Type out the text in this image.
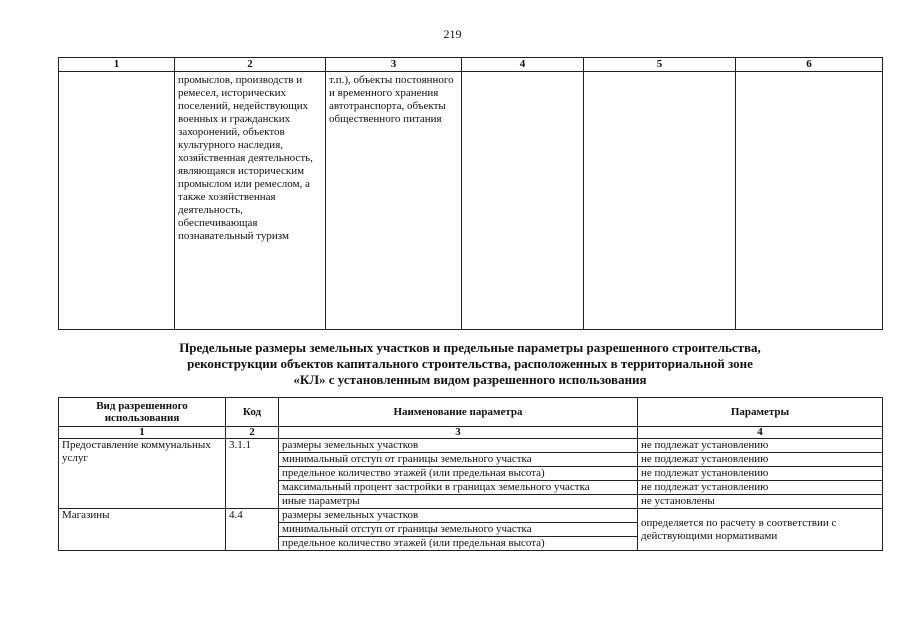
219
1	2	3	4	5	6
	промыслов, производств и ремесел, исторических поселений, недействующих военных и гражданских захоронений, объектов культурного наследия, хозяйственная деятельность, являющаяся историческим промыслом или ремеслом, а также хозяйственная деятельность, обеспечивающая познавательный туризм	т.п.), объекты постоянного и временного хранения автотранспорта, объекты общественного питания			
Предельные размеры земельных участков и предельные параметры разрешенного строительства,
реконструкции объектов капитального строительства, расположенных в территориальной зоне
«КЛ» с установленным видом разрешенного использования
Вид разрешенного использования	Код	Наименование параметра	Параметры
1	2	3	4
Предоставление коммунальных услуг	3.1.1	размеры земельных участков	не подлежат установлению
		минимальный отступ от границы земельного участка	не подлежат установлению
		предельное количество этажей (или предельная высота)	не подлежат установлению
		максимальный процент застройки в границах земельного участка	не подлежат установлению
		иные параметры	не установлены
Магазины	4.4	размеры земельных участков	определяется по расчету в соответствии с действующими нормативами
		минимальный отступ от границы земельного участка	
		предельное количество этажей (или предельная высота)	
